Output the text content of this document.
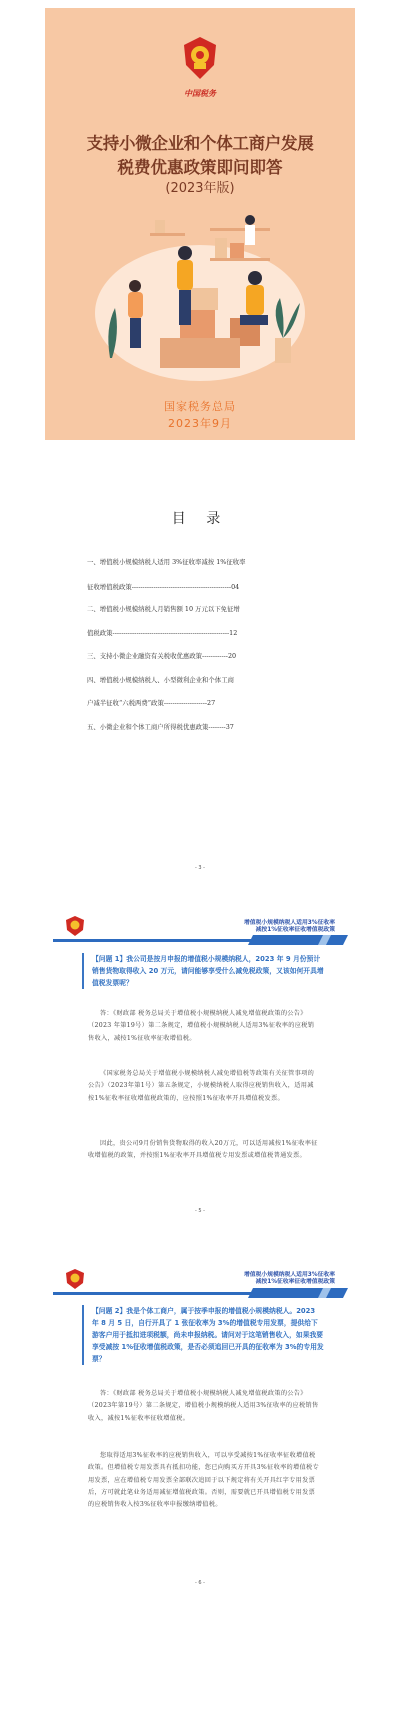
中国税务
支持小微企业和个体工商户发展
税费优惠政策即问即答
(2023年版)
国家税务总局
2023年9月
目 录
一、增值税小规模纳税人适用 3%征收率减按 1%征收率
征收增值税政策----------------------------------------------04
二、增值税小规模纳税人月销售额 10 万元以下免征增
值税政策------------------------------------------------------12
三、支持小微企业融资有关税收优惠政策------------20
四、增值税小规模纳税人、小型微利企业和个体工商
户减半征收“六税两费”政策--------------------27
五、小微企业和个体工商户所得税优惠政策--------37
- 3 -
增值税小规模纳税人适用3%征收率
减按1%征收率征收增值税政策
【问题 1】我公司是按月申报的增值税小规模纳税人，2023 年 9 月份预计销售货物取得收入 20 万元，请问能够享受什么减免税政策，又该如何开具增值税发票呢？
答：《财政部 税务总局关于增值税小规模纳税人减免增值税政策的公告》（2023 年第19号）第二条规定，增值税小规模纳税人适用3%征收率的应税销售收入，减按1%征收率征收增值税。
《国家税务总局关于增值税小规模纳税人减免增值税等政策有关征管事项的公告》（2023年第1号）第五条规定，小规模纳税人取得应税销售收入，适用减按1%征收率征收增值税政策的，应按照1%征收率开具增值税发票。
因此，贵公司9月份销售货物取得的收入20万元，可以适用减按1%征收率征收增值税的政策，并按照1%征收率开具增值税专用发票或增值税普通发票。
- 5 -
增值税小规模纳税人适用3%征收率
减按1%征收率征收增值税政策
【问题 2】我是个体工商户，属于按季申报的增值税小规模纳税人。2023 年 8 月 5 日，自行开具了 1 张征收率为 3%的增值税专用发票，提供给下游客户用于抵扣进项税额，尚未申报纳税。请问对于这笔销售收入，如果我要享受减按 1%征收增值税政策，是否必须追回已开具的征收率为 3%的专用发票？
答：《财政部 税务总局关于增值税小规模纳税人减免增值税政策的公告》（2023年第19号）第二条规定，增值税小规模纳税人适用3%征收率的应税销售收入，减按1%征收率征收增值税。
您取得适用3%征收率的应税销售收入，可以享受减按1%征收率征收增值税政策。但增值税专用发票具有抵扣功能，您已向购买方开具3%征收率的增值税专用发票，应在增值税专用发票全部联次追回于以下规定将有关开具红字专用发票后，方可就此笔业务适用减征增值税政策。否则，需要就已开具增值税专用发票的应税销售收入按3%征收率申报缴纳增值税。
- 6 -
